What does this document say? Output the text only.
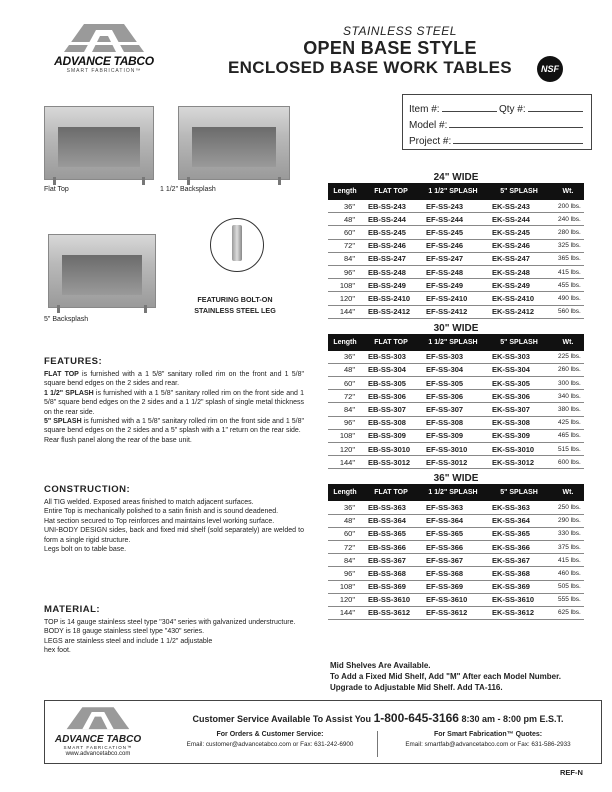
ADVANCE TABCO
SMART FABRICATION™
STAINLESS STEEL
OPEN BASE STYLE
ENCLOSED BASE WORK TABLES	NSF
Item #:	Qty #:
Model #:
Project #:
Flat Top	1 1/2" Backsplash
5" Backsplash
FEATURING BOLT-ON STAINLESS STEEL LEG
FEATURES:
FLAT TOP is furnished with a 1 5/8" sanitary rolled rim on the front and 1 5/8" square bend edges on the 2 sides and rear.
1 1/2" SPLASH is furnished with a 1 5/8" sanitary rolled rim on the front side and 1 5/8" square bend edges on the 2 sides and a 1 1/2" splash of single metal thickness on the rear side.
5" SPLASH is furnished with a 1 5/8" sanitary rolled rim on the front side and 1 5/8" square bend edges on the 2 sides and a 5" splash with a 1" return on the rear side.
Rear flush panel along the rear of the base unit.
CONSTRUCTION:
All TIG welded. Exposed areas finished to match adjacent surfaces.
Entire Top is mechanically polished to a satin finish and is sound deadened.
Hat section secured to Top reinforces and maintains level working surface.
UNI-BODY DESIGN sides, back and fixed mid shelf (sold separately) are welded to form a single rigid structure.
Legs bolt on to table base.
MATERIAL:
TOP is 14 gauge stainless steel type "304" series with galvanized understructure.
BODY is 18 gauge stainless steel type "430" series.
LEGS are stainless steel and include 1 1/2" adjustable
hex foot.
24" WIDE
Length	FLAT TOP	1 1/2" SPLASH	5" SPLASH	Wt.
36"	EB-SS-243	EF-SS-243	EK-SS-243	200 lbs.
48"	EB-SS-244	EF-SS-244	EK-SS-244	240 lbs.
60"	EB-SS-245	EF-SS-245	EK-SS-245	280 lbs.
72"	EB-SS-246	EF-SS-246	EK-SS-246	325 lbs.
84"	EB-SS-247	EF-SS-247	EK-SS-247	365 lbs.
96"	EB-SS-248	EF-SS-248	EK-SS-248	415 lbs.
108"	EB-SS-249	EF-SS-249	EK-SS-249	455 lbs.
120"	EB-SS-2410	EF-SS-2410	EK-SS-2410	490 lbs.
144"	EB-SS-2412	EF-SS-2412	EK-SS-2412	560 lbs.
30" WIDE
Length	FLAT TOP	1 1/2" SPLASH	5" SPLASH	Wt.
36"	EB-SS-303	EF-SS-303	EK-SS-303	225 lbs.
48"	EB-SS-304	EF-SS-304	EK-SS-304	260 lbs.
60"	EB-SS-305	EF-SS-305	EK-SS-305	300 lbs.
72"	EB-SS-306	EF-SS-306	EK-SS-306	340 lbs.
84"	EB-SS-307	EF-SS-307	EK-SS-307	380 lbs.
96"	EB-SS-308	EF-SS-308	EK-SS-308	425 lbs.
108"	EB-SS-309	EF-SS-309	EK-SS-309	465 lbs.
120"	EB-SS-3010	EF-SS-3010	EK-SS-3010	515 lbs.
144"	EB-SS-3012	EF-SS-3012	EK-SS-3012	600 lbs.
36" WIDE
Length	FLAT TOP	1 1/2" SPLASH	5" SPLASH	Wt.
36"	EB-SS-363	EF-SS-363	EK-SS-363	250 lbs.
48"	EB-SS-364	EF-SS-364	EK-SS-364	290 lbs.
60"	EB-SS-365	EF-SS-365	EK-SS-365	330 lbs.
72"	EB-SS-366	EF-SS-366	EK-SS-366	375 lbs.
84"	EB-SS-367	EF-SS-367	EK-SS-367	415 lbs.
96"	EB-SS-368	EF-SS-368	EK-SS-368	460 lbs.
108"	EB-SS-369	EF-SS-369	EK-SS-369	505 lbs.
120"	EB-SS-3610	EF-SS-3610	EK-SS-3610	555 lbs.
144"	EB-SS-3612	EF-SS-3612	EK-SS-3612	625 lbs.
Mid Shelves Are Available.
To Add a Fixed Mid Shelf, Add "M" After each Model Number.
Upgrade to Adjustable Mid Shelf. Add TA-116.
ADVANCE TABCO
SMART FABRICATION™
www.advancetabco.com
Customer Service Available To Assist You 1-800-645-3166 8:30 am - 8:00 pm E.S.T.
For Orders & Customer Service:
Email: customer@advancetabco.com or Fax: 631-242-6900
For Smart Fabrication™ Quotes:
Email: smartfab@advancetabco.com or Fax: 631-586-2933
REF-N
